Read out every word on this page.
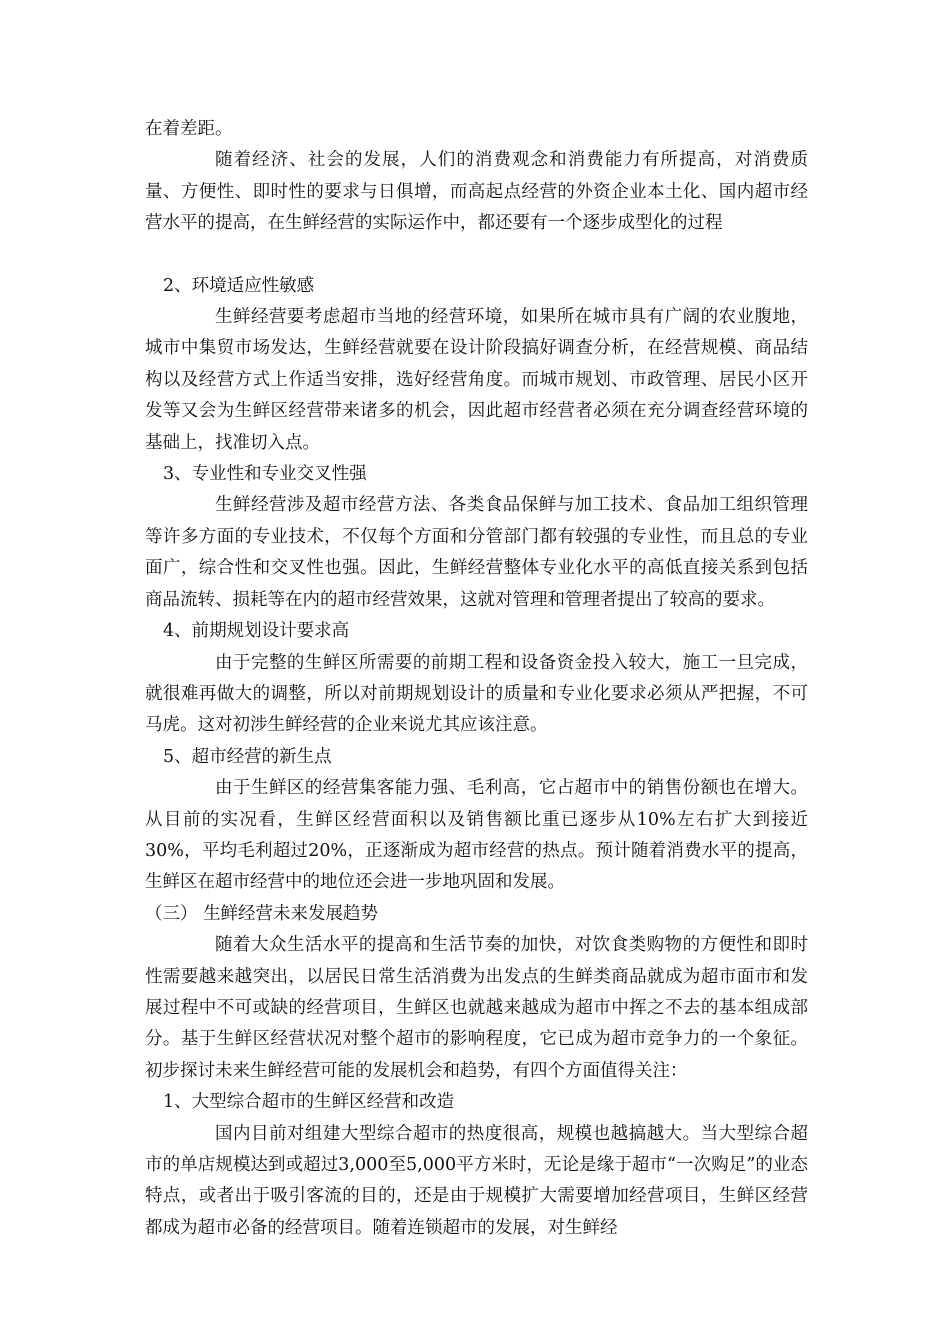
在着差距。

随着经济、社会的发展，人们的消费观念和消费能力有所提高，对消费质量、方便性、即时性的要求与日俱增，而高起点经营的外资企业本土化、国内超市经营水平的提高，在生鲜经营的实际运作中，都还要有一个逐步成型化的过程

2、环境适应性敏感

生鲜经营要考虑超市当地的经营环境，如果所在城市具有广阔的农业腹地，城市中集贸市场发达，生鲜经营就要在设计阶段搞好调查分析，在经营规模、商品结构以及经营方式上作适当安排，选好经营角度。而城市规划、市政管理、居民小区开发等又会为生鲜区经营带来诸多的机会，因此超市经营者必须在充分调查经营环境的基础上，找准切入点。

3、专业性和专业交叉性强

生鲜经营涉及超市经营方法、各类食品保鲜与加工技术、食品加工组织管理等许多方面的专业技术，不仅每个方面和分管部门都有较强的专业性，而且总的专业面广，综合性和交叉性也强。因此，生鲜经营整体专业化水平的高低直接关系到包括商品流转、损耗等在内的超市经营效果，这就对管理和管理者提出了较高的要求。

4、前期规划设计要求高

由于完整的生鲜区所需要的前期工程和设备资金投入较大，施工一旦完成，就很难再做大的调整，所以对前期规划设计的质量和专业化要求必须从严把握，不可马虎。这对初涉生鲜经营的企业来说尤其应该注意。

5、超市经营的新生点

由于生鲜区的经营集客能力强、毛利高，它占超市中的销售份额也在增大。从目前的实况看，生鲜区经营面积以及销售额比重已逐步从10%左右扩大到接近30%，平均毛利超过20%，正逐渐成为超市经营的热点。预计随着消费水平的提高，生鲜区在超市经营中的地位还会进一步地巩固和发展。

（三） 生鲜经营未来发展趋势

随着大众生活水平的提高和生活节奏的加快，对饮食类购物的方便性和即时性需要越来越突出，以居民日常生活消费为出发点的生鲜类商品就成为超市面市和发展过程中不可或缺的经营项目，生鲜区也就越来越成为超市中挥之不去的基本组成部分。基于生鲜区经营状况对整个超市的影响程度，它已成为超市竞争力的一个象征。初步探讨未来生鲜经营可能的发展机会和趋势，有四个方面值得关注：

1、大型综合超市的生鲜区经营和改造

国内目前对组建大型综合超市的热度很高，规模也越搞越大。当大型综合超市的单店规模达到或超过3,000至5,000平方米时，无论是缘于超市“一次购足”的业态特点，或者出于吸引客流的目的，还是由于规模扩大需要增加经营项目，生鲜区经营都成为超市必备的经营项目。随着连锁超市的发展，对生鲜经
